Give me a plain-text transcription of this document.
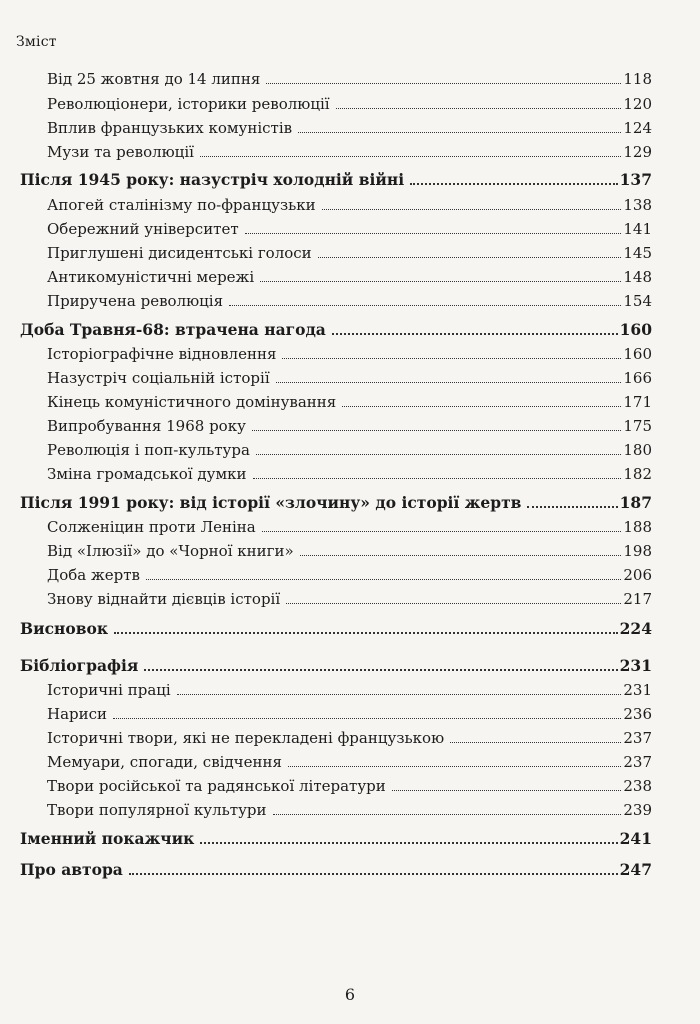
Зміст
Від 25 жовтня до 14 липня	118
Революціонери, історики революції	120
Вплив французьких комуністів	124
Музи та революції	129
Після 1945 року: назустріч холодній війні	137
Апогей сталінізму по-французьки	138
Обережний університет	141
Приглушені дисидентські голоси	145
Антикомуністичні мережі	148
Приручена революція	154
Доба Травня-68: втрачена нагода	160
Історіографічне відновлення	160
Назустріч соціальній історії	166
Кінець комуністичного домінування	171
Випробування 1968 року	175
Революція і поп-культура	180
Зміна громадської думки	182
Після 1991 року: від історії «злочину» до історії жертв	187
Солженіцин проти Леніна	188
Від «Ілюзії» до «Чорної книги»	198
Доба жертв	206
Знову віднайти дієвців історії	217
Висновок	224
Бібліографія	231
Історичні праці	231
Нариси	236
Історичні твори, які не перекладені французькою	237
Мемуари, спогади, свідчення	237
Твори російської та радянської літератури	238
Твори популярної культури	239
Іменний покажчик	241
Про автора	247
6
